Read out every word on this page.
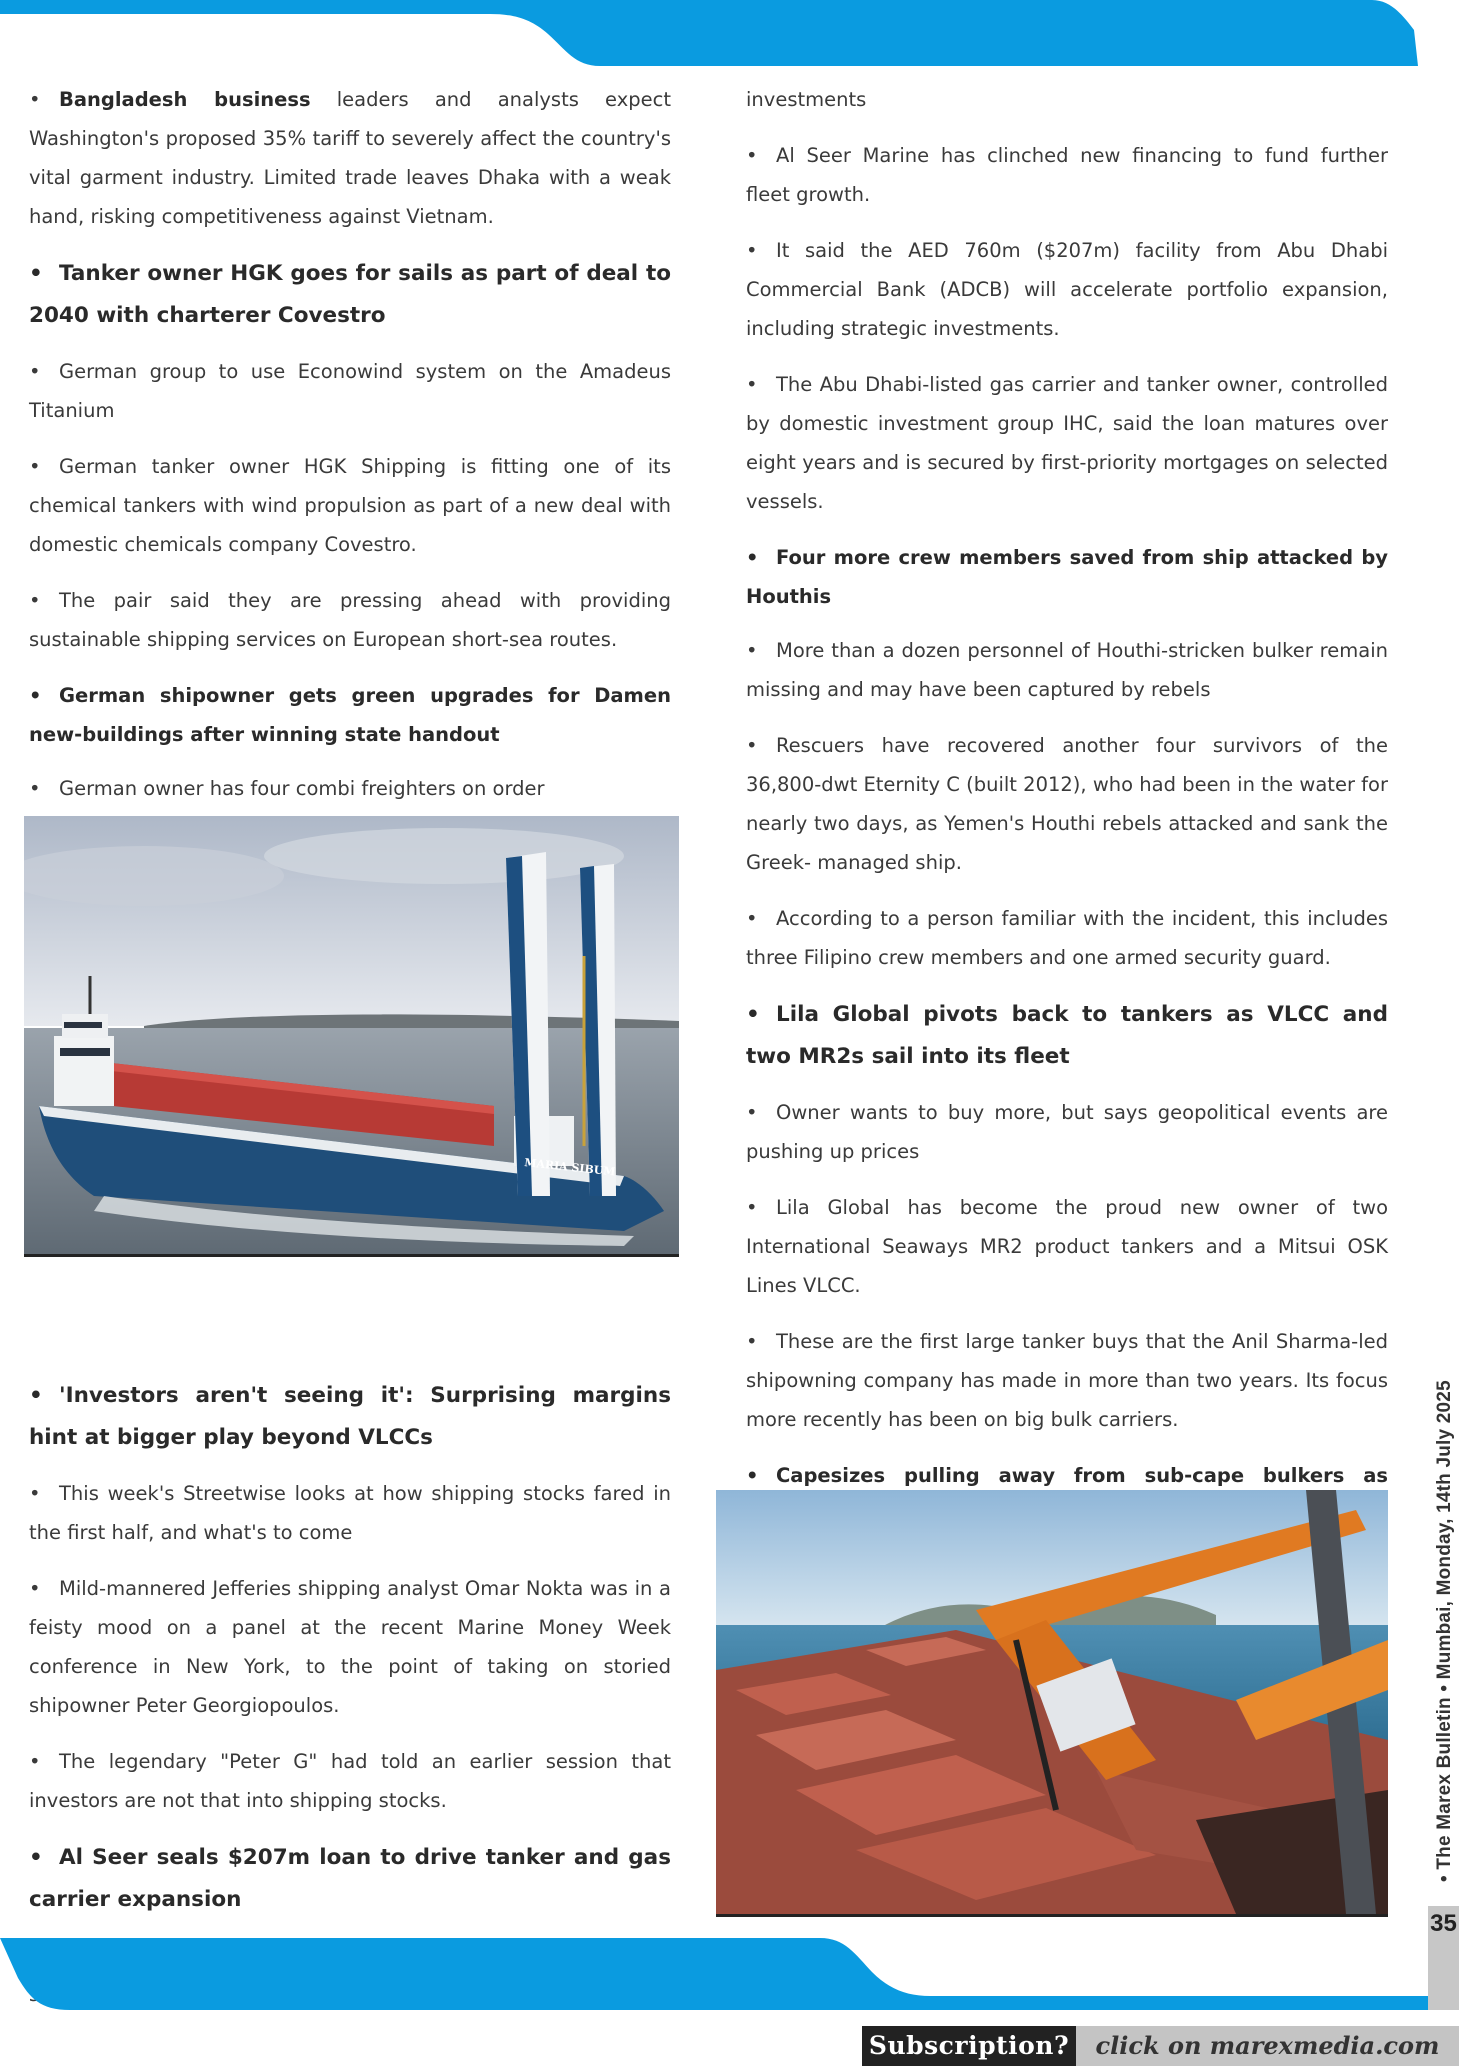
•Bangladesh business leaders and analysts expect Washington's proposed 35% tariff to severely affect the country's vital garment industry. Limited trade leaves Dhaka with a weak hand, risking competitiveness against Vietnam.

• Tanker owner HGK goes for sails as part of deal to 2040 with charterer Covestro

•German group to use Econowind system on the Amadeus Titanium

•German tanker owner HGK Shipping is fitting one of its chemical tankers with wind propulsion as part of a new deal with domestic chemicals company Covestro.

•The pair said they are pressing ahead with providing sustainable shipping services on European short-sea routes.

• German shipowner gets green upgrades for Damen new-buildings after winning state handout

•German owner has four combi freighters on order

• 'Investors aren't seeing it': Surprising margins hint at bigger play beyond VLCCs

•This week's Streetwise looks at how shipping stocks fared in the first half, and what's to come

•Mild-mannered Jefferies shipping analyst Omar Nokta was in a feisty mood on a panel at the recent Marine Money Week conference in New York, to the point of taking on storied shipowner Peter Georgiopoulos.

•The legendary "Peter G" had told an earlier session that investors are not that into shipping stocks.

• Al Seer seals $207m loan to drive tanker and gas carrier expansion

•

MARIA SIBUM

investments

•Al Seer Marine has clinched new financing to fund further fleet growth.

•It said the AED 760m ($207m) facility from Abu Dhabi Commercial Bank (ADCB) will accelerate portfolio expansion, including strategic investments.

•The Abu Dhabi-listed gas carrier and tanker owner, controlled by domestic investment group IHC, said the loan matures over eight years and is secured by first-priority mortgages on selected vessels.

• Four more crew members saved from ship attacked by Houthis

•More than a dozen personnel of Houthi-stricken bulker remain missing and may have been captured by rebels

•Rescuers have recovered another four survivors of the 36,800-dwt Eternity C (built 2012), who had been in the water for nearly two days, as Yemen's Houthi rebels attacked and sank the Greek- managed ship.

•According to a person familiar with the incident, this includes three Filipino crew members and one armed security guard.

• Lila Global pivots back to tankers as VLCC and two MR2s sail into its fleet

•Owner wants to buy more, but says geopolitical events are pushing up prices

•Lila Global has become the proud new owner of two International Seaways MR2 product tankers and a Mitsui OSK Lines VLCC.

•These are the first large tanker buys that the Anil Sharma-led shipowning company has made in more than two years. Its focus more recently has been on big bulk carriers.

• Capesizes pulling away from sub-cape bulkers as

• • The Marex Bulletin • Mumbai, Monday, 14th July 2025
35
Subscription?	click on marexmedia.com
